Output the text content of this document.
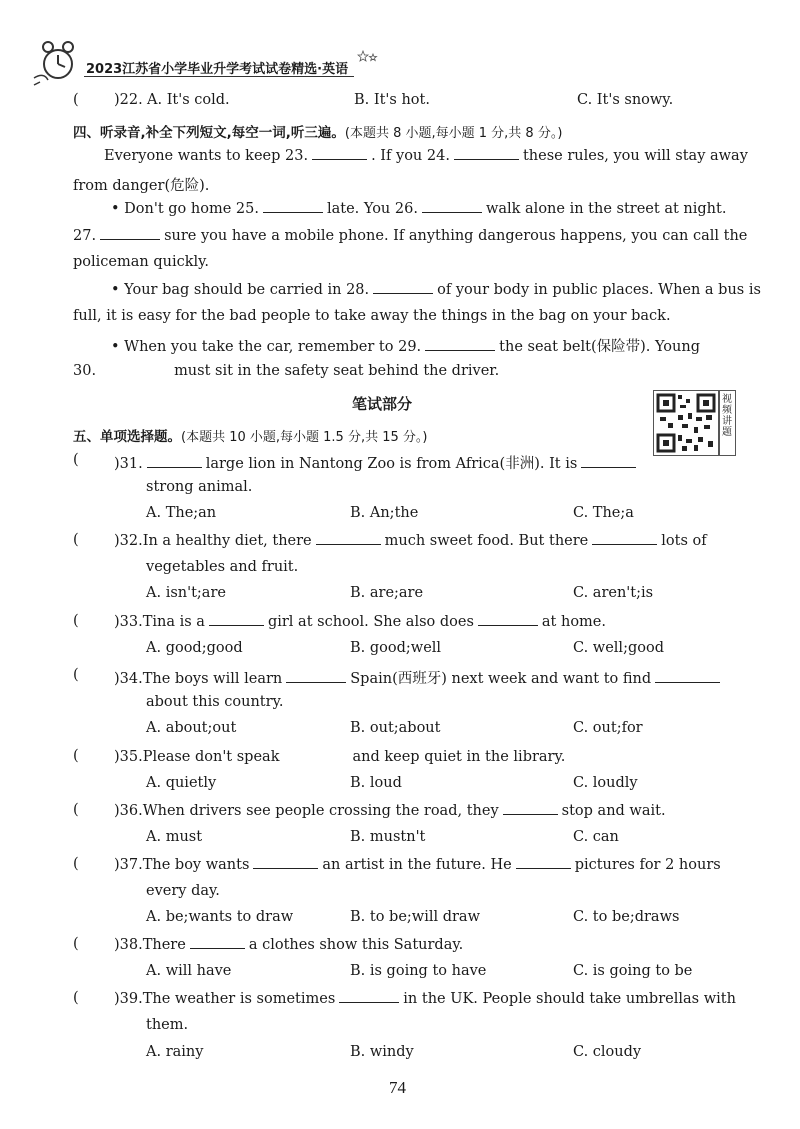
2023江苏省小学毕业升学考试试卷精选·英语
( )22. A. It's cold.	B. It's hot.	C. It's snowy.
四、听录音,补全下列短文,每空一词,听三遍。(本题共 8 小题,每小题 1 分,共 8 分。)
Everyone wants to keep 23.	. If you 24.	these rules, you will stay away
from danger(危险).
• Don't go home 25.	late. You 26.	walk alone in the street at night.
27.	sure you have a mobile phone. If anything dangerous happens, you can call the
policeman quickly.
• Your bag should be carried in 28.	of your body in public places. When a bus is
full, it is easy for the bad people to take away the things in the bag on your back.
• When you take the car, remember to 29.	the seat belt(保险带). Young
30.	must sit in the safety seat behind the driver.
笔试部分	视频讲题
五、单项选择题。(本题共 10 小题,每小题 1.5 分,共 15 分。)
( )31.	large lion in Nantong Zoo is from Africa(非洲). It is
strong animal.
A. The;an	B. An;the	C. The;a
( )32.In a healthy diet, there	much sweet food. But there	lots of
vegetables and fruit.
A. isn't;are	B. are;are	C. aren't;is
( )33.Tina is a	girl at school. She also does	at home.
A. good;good	B. good;well	C. well;good
( )34.The boys will learn	Spain(西班牙) next week and want to find
about this country.
A. about;out	B. out;about	C. out;for
( )35.Please don't speak	and keep quiet in the library.
A. quietly	B. loud	C. loudly
( )36.When drivers see people crossing the road, they	stop and wait.
A. must	B. mustn't	C. can
( )37.The boy wants	an artist in the future. He	pictures for 2 hours
every day.
A. be;wants to draw	B. to be;will draw	C. to be;draws
( )38.There	a clothes show this Saturday.
A. will have	B. is going to have	C. is going to be
( )39.The weather is sometimes	in the UK. People should take umbrellas with
them.
A. rainy	B. windy	C. cloudy
74
